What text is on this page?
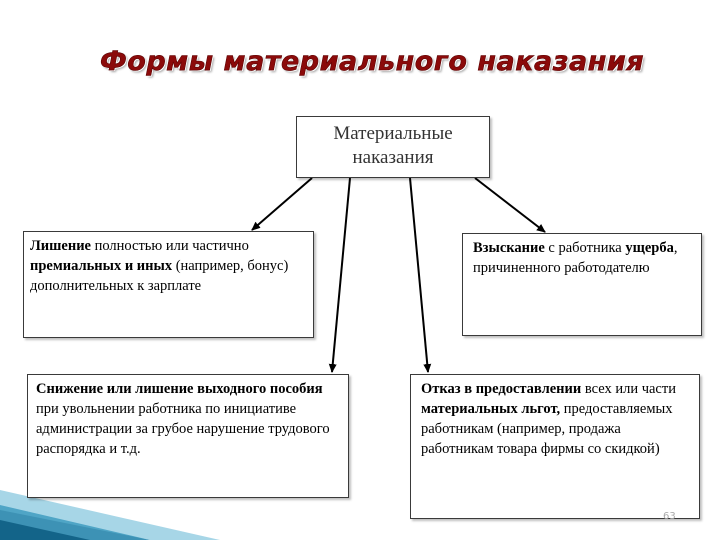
Формы материального наказания
Материальные
наказания
Лишение полностью или частично премиальных и иных (например, бонус) дополнительных к зарплате
Взыскание с работника ущерба, причиненного работодателю
Снижение или лишение выходного пособия при увольнении работника по инициативе администрации за грубое нарушение трудового распорядка и т.д.
Отказ в предоставлении всех или части материальных льгот, предоставляемых работникам (например, продажа работникам товара фирмы со скидкой)
63
